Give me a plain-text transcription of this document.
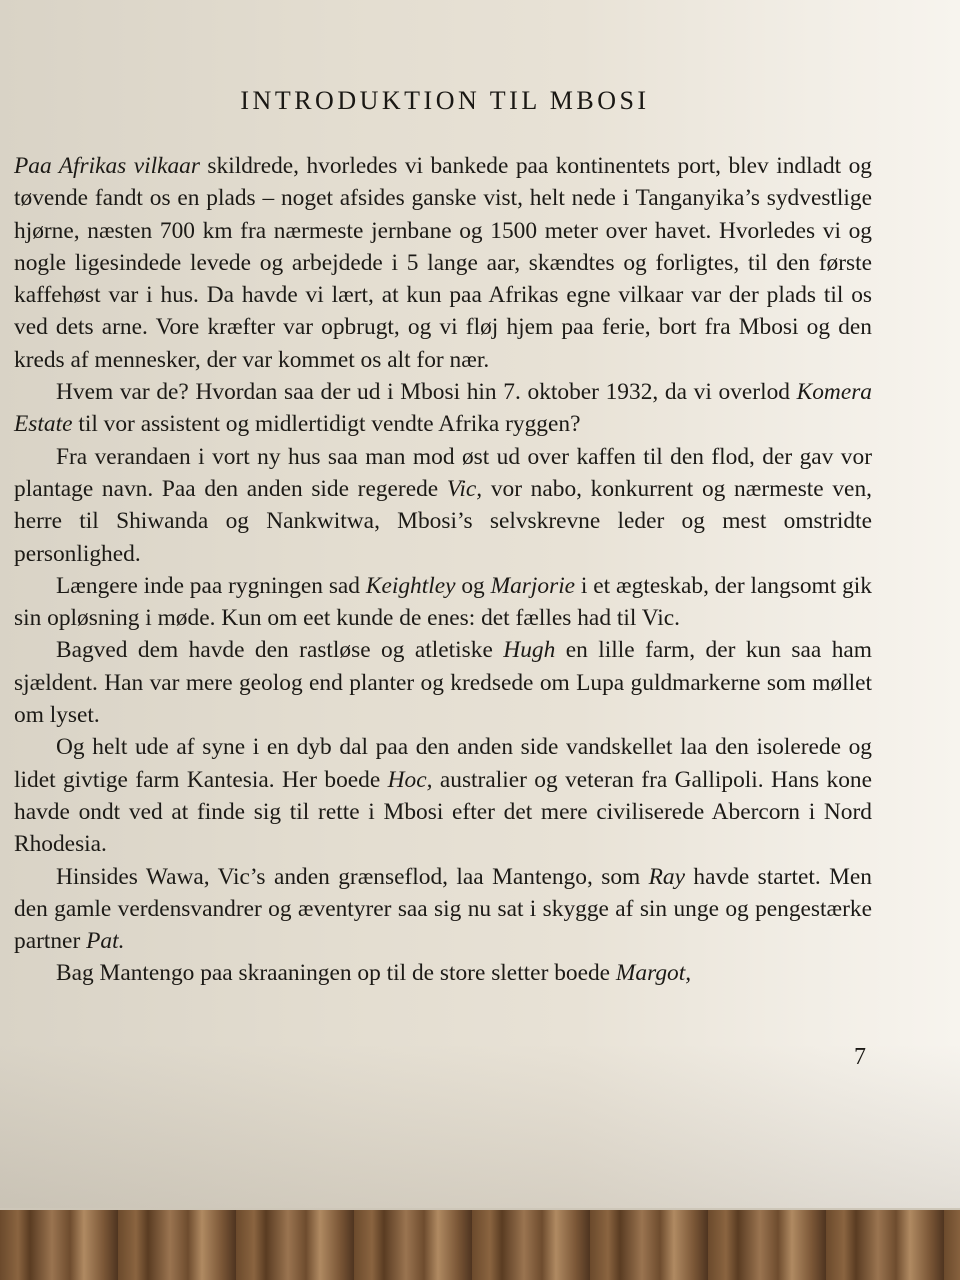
INTRODUKTION TIL MBOSI

Paa Afrikas vilkaar skildrede, hvorledes vi bankede paa kontinentets port, blev indladt og tøvende fandt os en plads – noget afsides ganske vist, helt nede i Tanganyika’s sydvestlige hjørne, næsten 700 km fra nærmeste jernbane og 1500 meter over havet. Hvorledes vi og nogle ligesindede levede og arbejdede i 5 lange aar, skændtes og forligtes, til den første kaffehøst var i hus. Da havde vi lært, at kun paa Afrikas egne vilkaar var der plads til os ved dets arne. Vore kræfter var opbrugt, og vi fløj hjem paa ferie, bort fra Mbosi og den kreds af mennesker, der var kommet os alt for nær.

Hvem var de? Hvordan saa der ud i Mbosi hin 7. oktober 1932, da vi overlod Komera Estate til vor assistent og midlertidigt vendte Afrika ryggen?

Fra verandaen i vort ny hus saa man mod øst ud over kaffen til den flod, der gav vor plantage navn. Paa den anden side regerede Vic, vor nabo, konkurrent og nærmeste ven, herre til Shiwanda og Nankwitwa, Mbosi’s selvskrevne leder og mest omstridte personlighed.

Længere inde paa rygningen sad Keightley og Marjorie i et ægteskab, der langsomt gik sin opløsning i møde. Kun om eet kunde de enes: det fælles had til Vic.

Bagved dem havde den rastløse og atletiske Hugh en lille farm, der kun saa ham sjældent. Han var mere geolog end planter og kredsede om Lupa guldmarkerne som møllet om lyset.

Og helt ude af syne i en dyb dal paa den anden side vandskellet laa den isolerede og lidet givtige farm Kantesia. Her boede Hoc, australier og veteran fra Gallipoli. Hans kone havde ondt ved at finde sig til rette i Mbosi efter det mere civiliserede Abercorn i Nord Rhodesia.

Hinsides Wawa, Vic’s anden grænseflod, laa Mantengo, som Ray havde startet. Men den gamle verdensvandrer og æventyrer saa sig nu sat i skygge af sin unge og pengestærke partner Pat.

Bag Mantengo paa skraaningen op til de store sletter boede Margot,

7
